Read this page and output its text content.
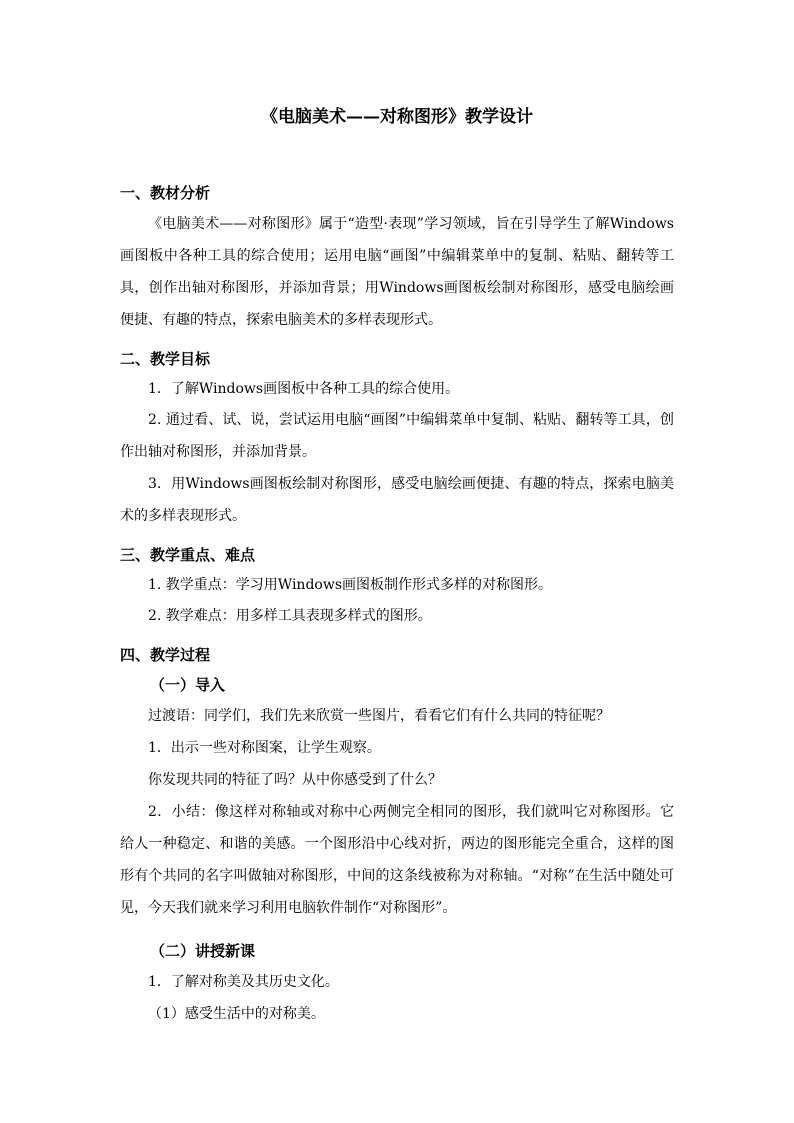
《电脑美术——对称图形》教学设计
一、教材分析

《电脑美术——对称图形》属于“造型·表现”学习领域，旨在引导学生了解Windows画图板中各种工具的综合使用；运用电脑“画图”中编辑菜单中的复制、粘贴、翻转等工具，创作出轴对称图形，并添加背景；用Windows画图板绘制对称图形，感受电脑绘画便捷、有趣的特点，探索电脑美术的多样表现形式。

二、教学目标

1．了解Windows画图板中各种工具的综合使用。

2. 通过看、试、说，尝试运用电脑“画图”中编辑菜单中复制、粘贴、翻转等工具，创作出轴对称图形，并添加背景。

3．用Windows画图板绘制对称图形，感受电脑绘画便捷、有趣的特点，探索电脑美术的多样表现形式。

三、教学重点、难点

1. 教学重点：学习用Windows画图板制作形式多样的对称图形。

2. 教学难点：用多样工具表现多样式的图形。

四、教学过程
（一）导入

过渡语：同学们，我们先来欣赏一些图片，看看它们有什么共同的特征呢？

1．出示一些对称图案，让学生观察。

你发现共同的特征了吗？从中你感受到了什么？

2．小结：像这样对称轴或对称中心两侧完全相同的图形，我们就叫它对称图形。它给人一种稳定、和谐的美感。一个图形沿中心线对折，两边的图形能完全重合，这样的图形有个共同的名字叫做轴对称图形，中间的这条线被称为对称轴。“对称”在生活中随处可见，今天我们就来学习利用电脑软件制作“对称图形”。

（二）讲授新课

1．了解对称美及其历史文化。

（1）感受生活中的对称美。
